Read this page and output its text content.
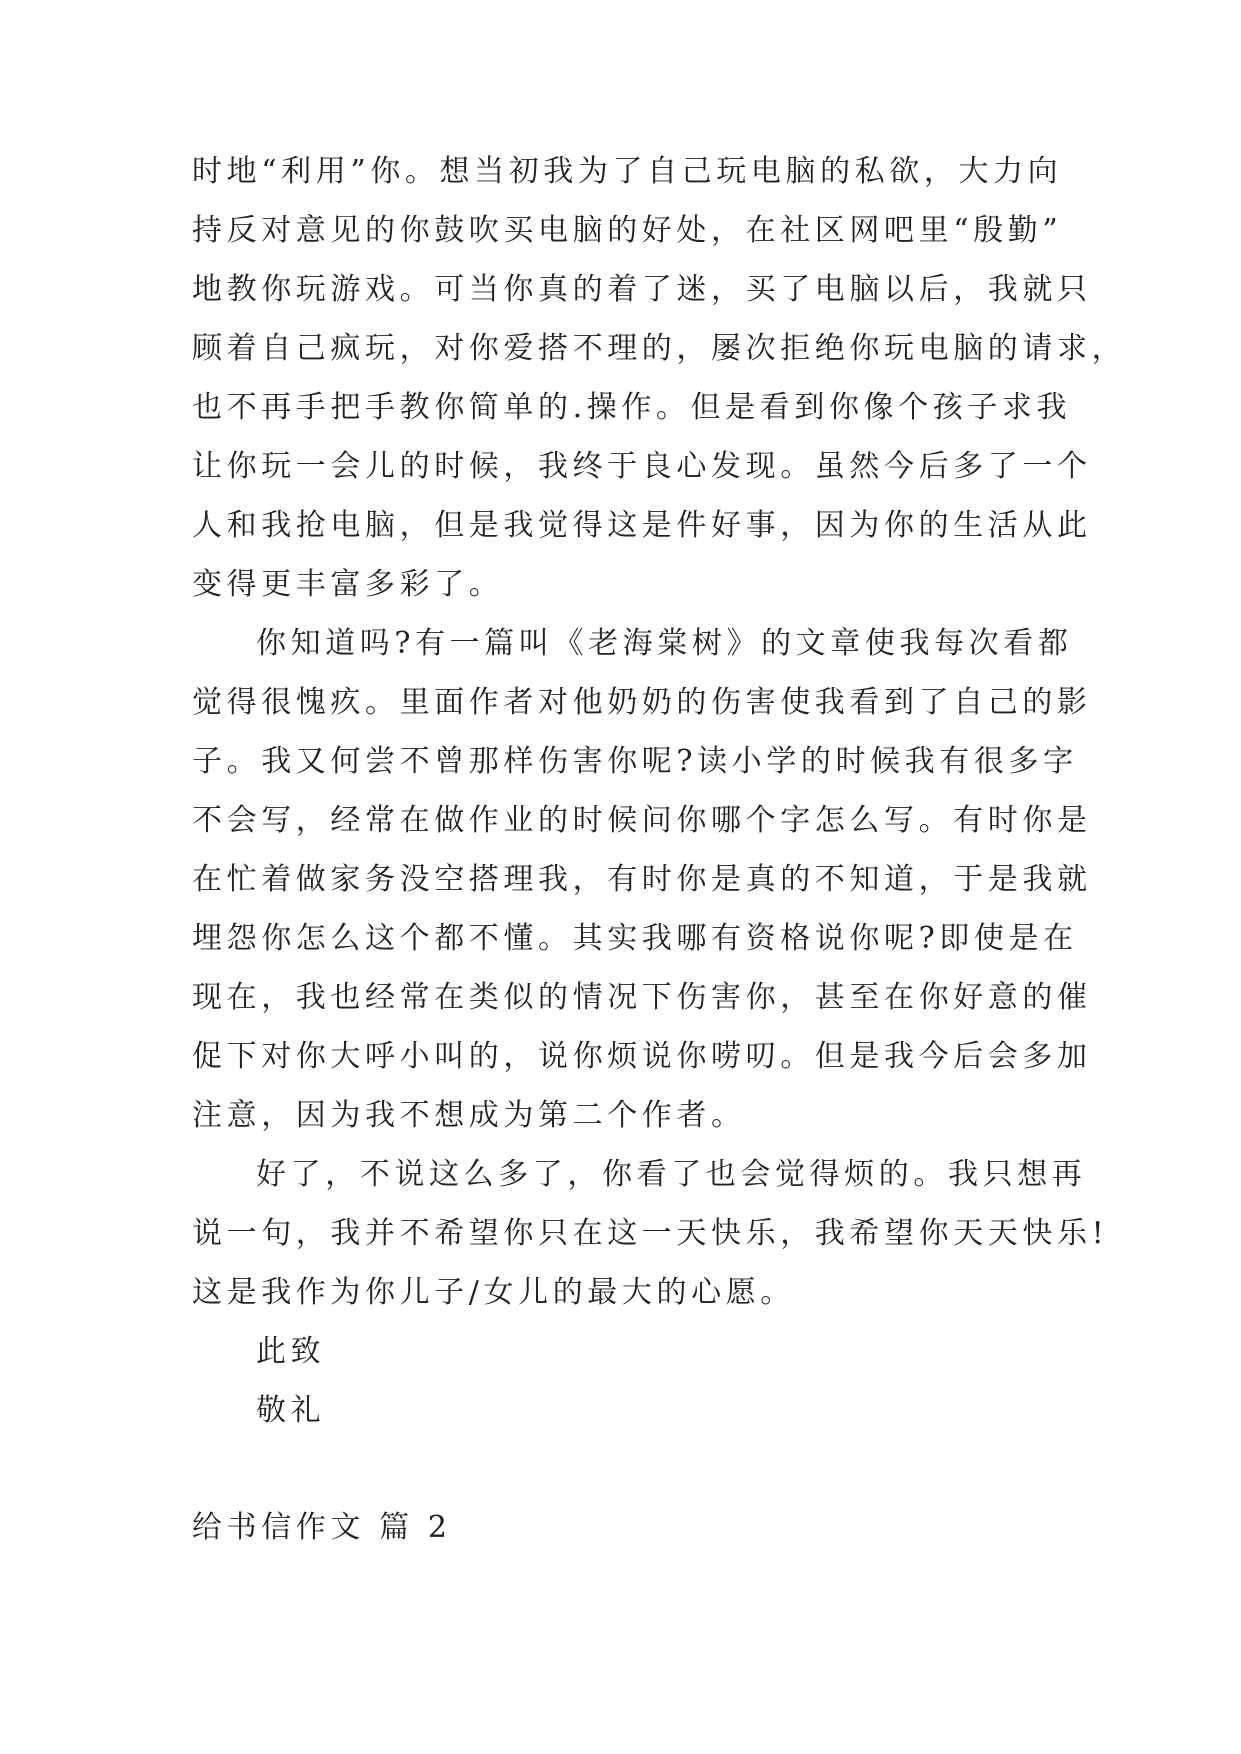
时地“利用”你。想当初我为了自己玩电脑的私欲，大力向
持反对意见的你鼓吹买电脑的好处，在社区网吧里“殷勤”
地教你玩游戏。可当你真的着了迷，买了电脑以后，我就只
顾着自己疯玩，对你爱搭不理的，屡次拒绝你玩电脑的请求，
也不再手把手教你简单的.操作。但是看到你像个孩子求我
让你玩一会儿的时候，我终于良心发现。虽然今后多了一个
人和我抢电脑，但是我觉得这是件好事，因为你的生活从此
变得更丰富多彩了。
你知道吗?有一篇叫《老海棠树》的文章使我每次看都
觉得很愧疚。里面作者对他奶奶的伤害使我看到了自己的影
子。我又何尝不曾那样伤害你呢?读小学的时候我有很多字
不会写，经常在做作业的时候问你哪个字怎么写。有时你是
在忙着做家务没空搭理我，有时你是真的不知道，于是我就
埋怨你怎么这个都不懂。其实我哪有资格说你呢?即使是在
现在，我也经常在类似的情况下伤害你，甚至在你好意的催
促下对你大呼小叫的，说你烦说你唠叨。但是我今后会多加
注意，因为我不想成为第二个作者。
好了，不说这么多了，你看了也会觉得烦的。我只想再
说一句，我并不希望你只在这一天快乐，我希望你天天快乐!
这是我作为你儿子/女儿的最大的心愿。
此致
敬礼
给书信作文 篇 2
